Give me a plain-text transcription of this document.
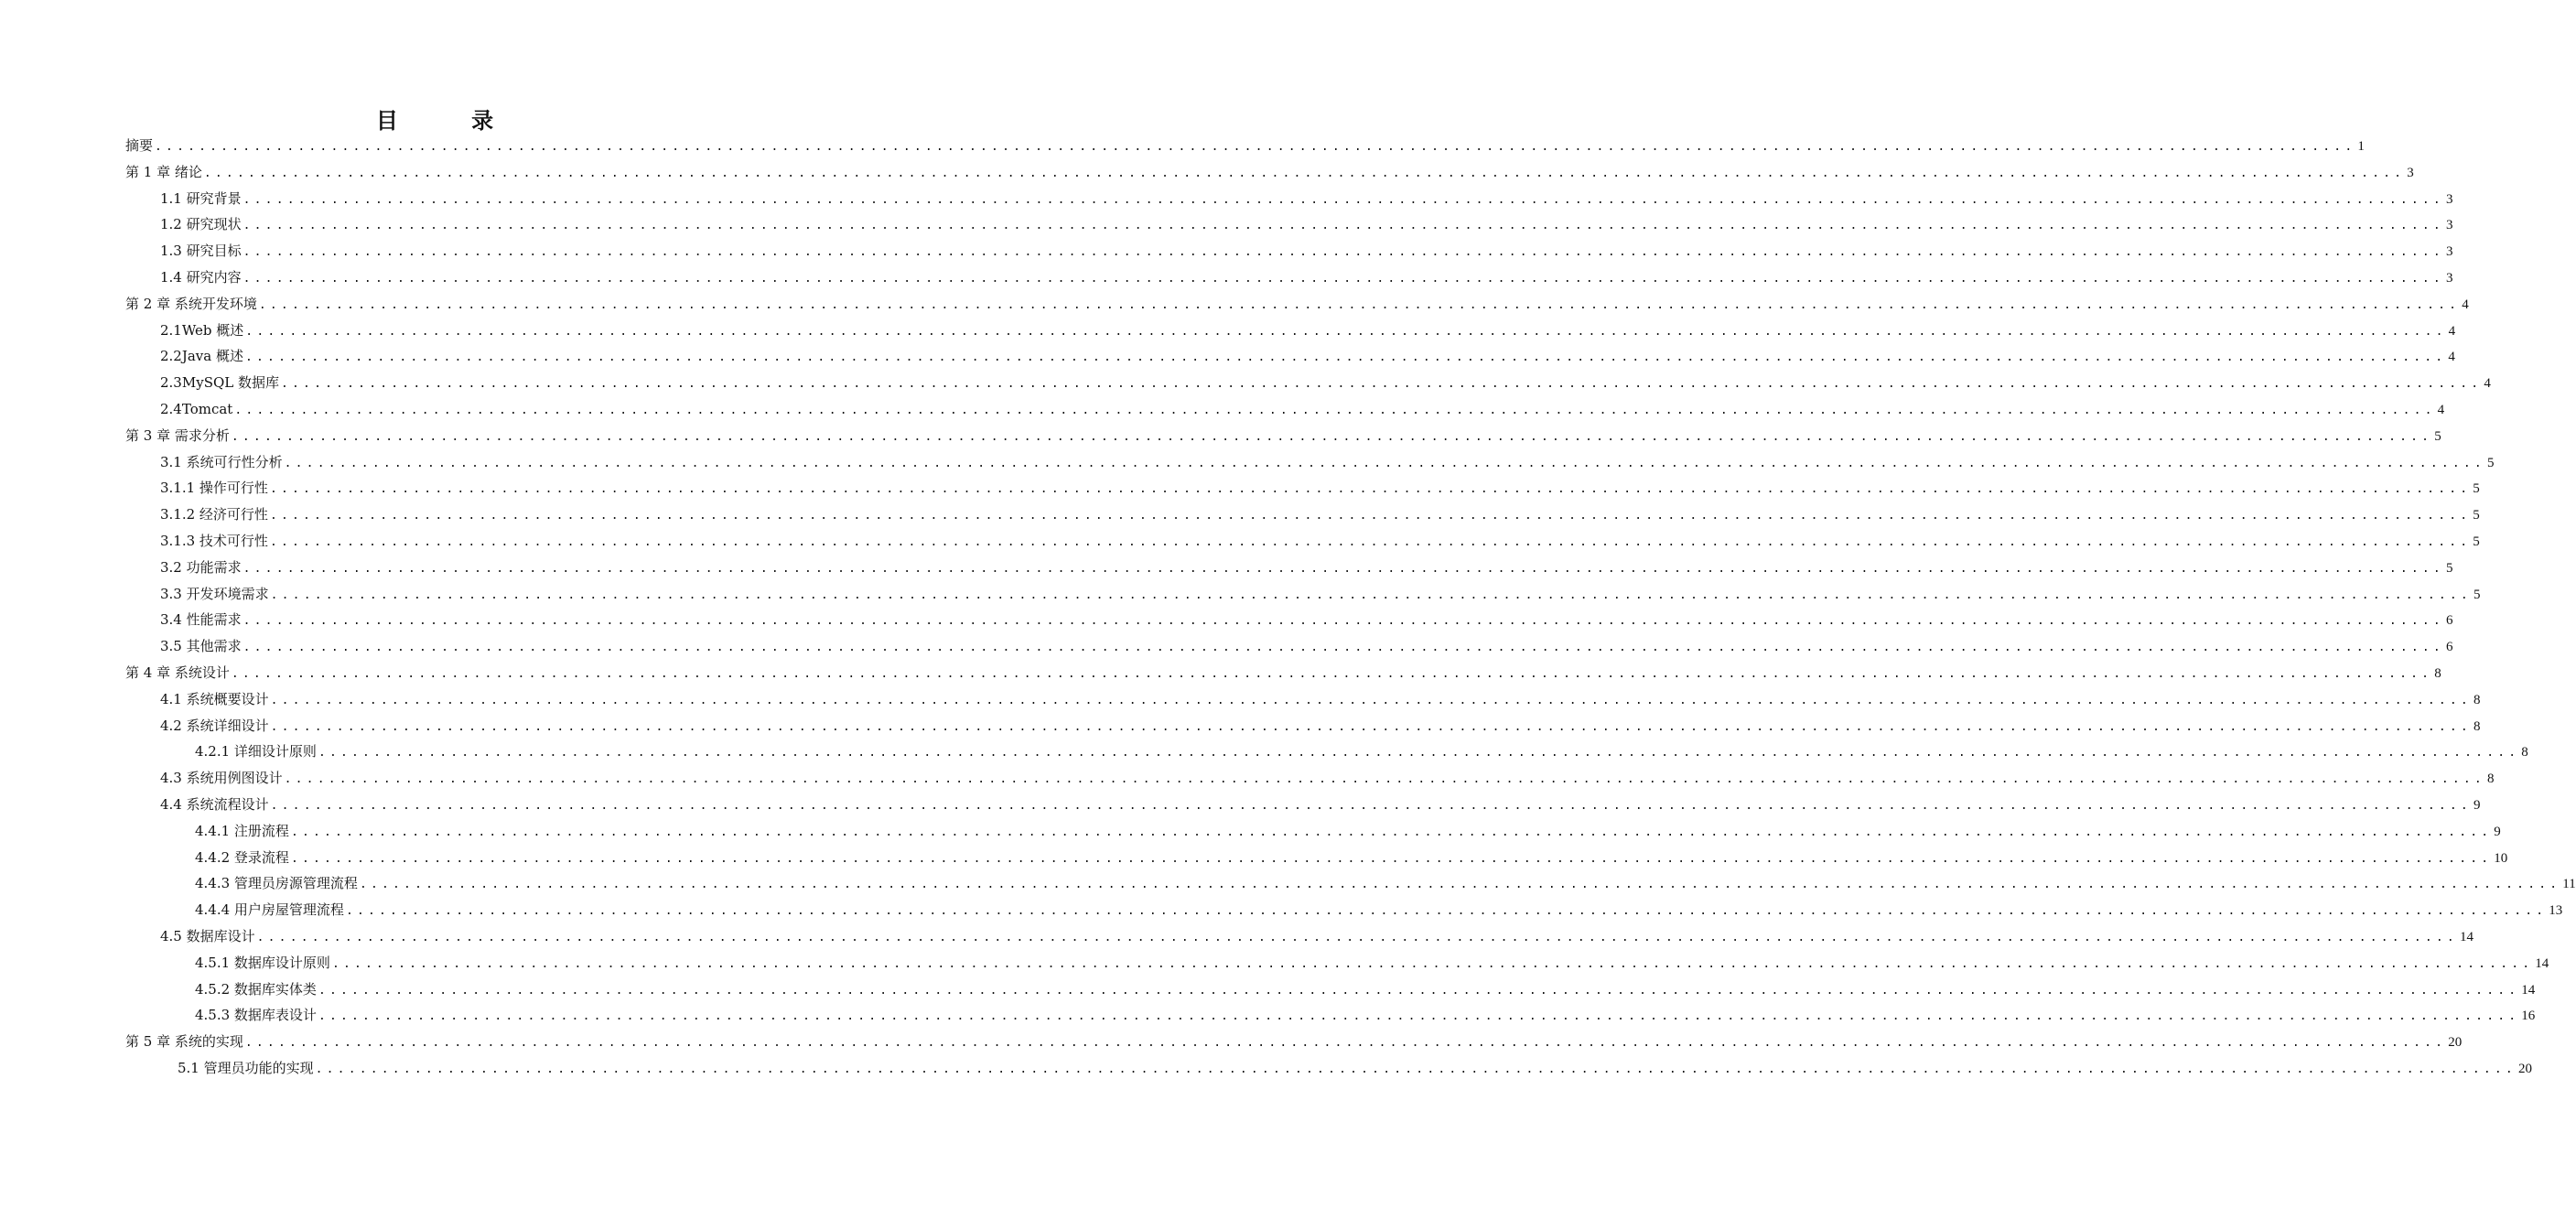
目 录
摘要 ........................................................................................................................................................................................................ 1
第 1 章 绪论 ........................................................................................................................................................................................................ 3
1.1 研究背景 ........................................................................................................................................................................................................ 3
1.2 研究现状 ........................................................................................................................................................................................................ 3
1.3 研究目标 ........................................................................................................................................................................................................ 3
1.4 研究内容 ........................................................................................................................................................................................................ 3
第 2 章 系统开发环境 ........................................................................................................................................................................................................ 4
2.1Web 概述 ........................................................................................................................................................................................................ 4
2.2Java 概述 ........................................................................................................................................................................................................ 4
2.3MySQL 数据库 ........................................................................................................................................................................................................ 4
2.4Tomcat ........................................................................................................................................................................................................ 4
第 3 章 需求分析 ........................................................................................................................................................................................................ 5
3.1 系统可行性分析 ........................................................................................................................................................................................................ 5
3.1.1 操作可行性 ........................................................................................................................................................................................................ 5
3.1.2 经济可行性 ........................................................................................................................................................................................................ 5
3.1.3 技术可行性 ........................................................................................................................................................................................................ 5
3.2 功能需求 ........................................................................................................................................................................................................ 5
3.3 开发环境需求 ........................................................................................................................................................................................................ 5
3.4 性能需求 ........................................................................................................................................................................................................ 6
3.5 其他需求 ........................................................................................................................................................................................................ 6
第 4 章 系统设计 ........................................................................................................................................................................................................ 8
4.1 系统概要设计 ........................................................................................................................................................................................................ 8
4.2 系统详细设计 ........................................................................................................................................................................................................ 8
4.2.1 详细设计原则 ........................................................................................................................................................................................................ 8
4.3 系统用例图设计 ........................................................................................................................................................................................................ 8
4.4 系统流程设计 ........................................................................................................................................................................................................ 9
4.4.1 注册流程 ........................................................................................................................................................................................................ 9
4.4.2 登录流程 ........................................................................................................................................................................................................ 10
4.4.3 管理员房源管理流程 ........................................................................................................................................................................................................ 11
4.4.4 用户房屋管理流程 ........................................................................................................................................................................................................ 13
4.5 数据库设计 ........................................................................................................................................................................................................ 14
4.5.1 数据库设计原则 ........................................................................................................................................................................................................ 14
4.5.2 数据库实体类 ........................................................................................................................................................................................................ 14
4.5.3 数据库表设计 ........................................................................................................................................................................................................ 16
第 5 章 系统的实现 ........................................................................................................................................................................................................ 20
5.1 管理员功能的实现 ........................................................................................................................................................................................................ 20
